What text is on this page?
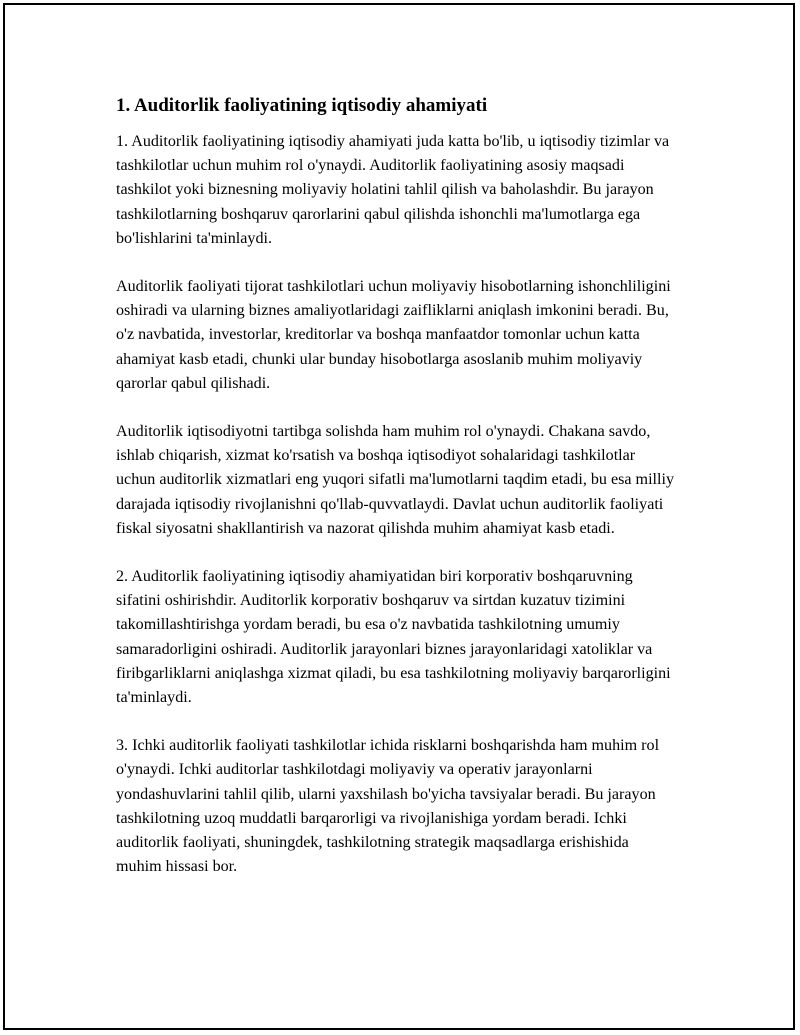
1. Auditorlik faoliyatining iqtisodiy ahamiyati

1. Auditorlik faoliyatining iqtisodiy ahamiyati juda katta bo'lib, u iqtisodiy tizimlar va tashkilotlar uchun muhim rol o'ynaydi. Auditorlik faoliyatining asosiy maqsadi tashkilot yoki biznesning moliyaviy holatini tahlil qilish va baholashdir. Bu jarayon tashkilotlarning boshqaruv qarorlarini qabul qilishda ishonchli ma'lumotlarga ega bo'lishlarini ta'minlaydi.

Auditorlik faoliyati tijorat tashkilotlari uchun moliyaviy hisobotlarning ishonchliligini oshiradi va ularning biznes amaliyotlaridagi zaifliklarni aniqlash imkonini beradi. Bu, o'z navbatida, investorlar, kreditorlar va boshqa manfaatdor tomonlar uchun katta ahamiyat kasb etadi, chunki ular bunday hisobotlarga asoslanib muhim moliyaviy qarorlar qabul qilishadi.

Auditorlik iqtisodiyotni tartibga solishda ham muhim rol o'ynaydi. Chakana savdo, ishlab chiqarish, xizmat ko'rsatish va boshqa iqtisodiyot sohalaridagi tashkilotlar uchun auditorlik xizmatlari eng yuqori sifatli ma'lumotlarni taqdim etadi, bu esa milliy darajada iqtisodiy rivojlanishni qo'llab-quvvatlaydi. Davlat uchun auditorlik faoliyati fiskal siyosatni shakllantirish va nazorat qilishda muhim ahamiyat kasb etadi.

2. Auditorlik faoliyatining iqtisodiy ahamiyatidan biri korporativ boshqaruvning sifatini oshirishdir. Auditorlik korporativ boshqaruv va sirtdan kuzatuv tizimini takomillashtirishga yordam beradi, bu esa o'z navbatida tashkilotning umumiy samaradorligini oshiradi. Auditorlik jarayonlari biznes jarayonlaridagi xatoliklar va firibgarliklarni aniqlashga xizmat qiladi, bu esa tashkilotning moliyaviy barqarorligini ta'minlaydi.

3. Ichki auditorlik faoliyati tashkilotlar ichida risklarni boshqarishda ham muhim rol o'ynaydi. Ichki auditorlar tashkilotdagi moliyaviy va operativ jarayonlarni yondashuvlarini tahlil qilib, ularni yaxshilash bo'yicha tavsiyalar beradi. Bu jarayon tashkilotning uzoq muddatli barqarorligi va rivojlanishiga yordam beradi. Ichki auditorlik faoliyati, shuningdek, tashkilotning strategik maqsadlarga erishishida muhim hissasi bor.
